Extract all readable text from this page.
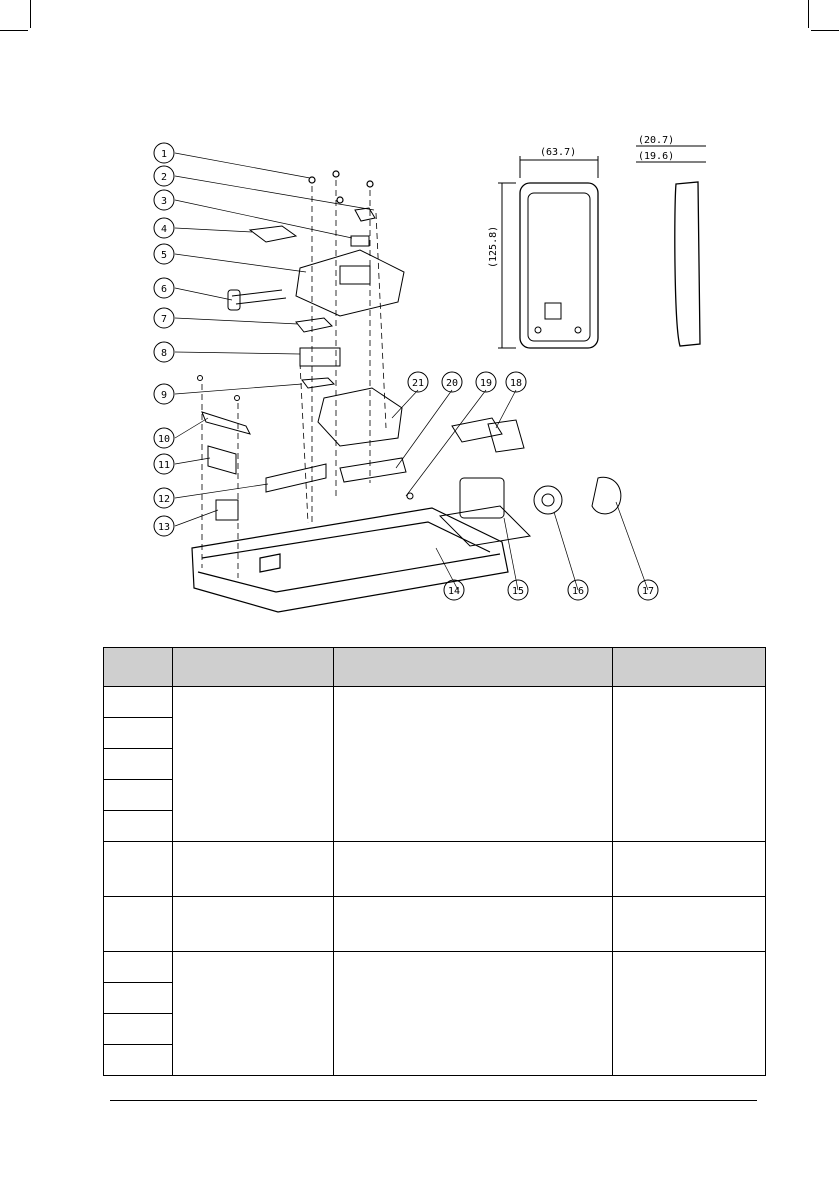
(63.7)
(125.8)
(20.7)
(19.6)
1
2
3
4
5
6
7
8
9
10
11
12
13
14	15	16	17
18
19
20
21
